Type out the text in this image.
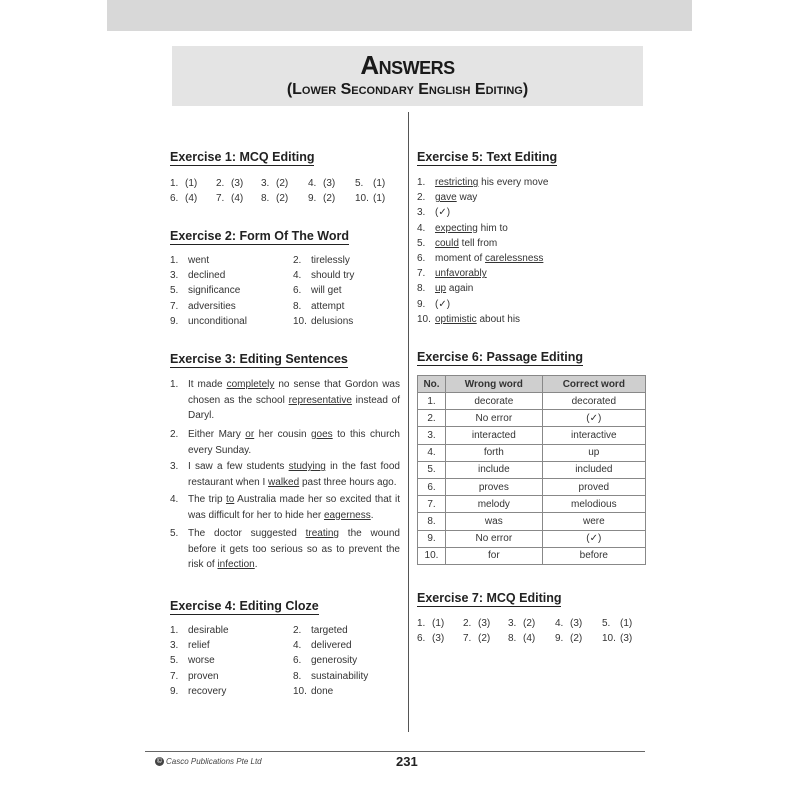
Answers
(Lower Secondary English Editing)
Exercise 1: MCQ Editing
1. (1) 2. (3) 3. (2) 4. (3) 5. (1)
6. (4) 7. (4) 8. (2) 9. (2) 10. (1)
Exercise 2: Form Of The Word
1. went	2. tirelessly
3. declined	4. should try
5. significance	6. will get
7. adversities	8. attempt
9. unconditional	10. delusions
Exercise 3: Editing Sentences
1. It made completely no sense that Gordon was chosen as the school representative instead of Daryl.
2. Either Mary or her cousin goes to this church every Sunday.
3. I saw a few students studying in the fast food restaurant when I walked past three hours ago.
4. The trip to Australia made her so excited that it was difficult for her to hide her eagerness.
5. The doctor suggested treating the wound before it gets too serious so as to prevent the risk of infection.
Exercise 4: Editing Cloze
1. desirable	2. targeted
3. relief	4. delivered
5. worse	6. generosity
7. proven	8. sustainability
9. recovery	10. done
Exercise 5: Text Editing
1. restricting his every move
2. gave way
3. (✓)
4. expecting him to
5. could tell from
6. moment of carelessness
7. unfavorably
8. up again
9. (✓)
10. optimistic about his
Exercise 6: Passage Editing
No.	Wrong word	Correct word
1.	decorate	decorated
2.	No error	(✓)
3.	interacted	interactive
4.	forth	up
5.	include	included
6.	proves	proved
7.	melody	melodious
8.	was	were
9.	No error	(✓)
10.	for	before
Exercise 7: MCQ Editing
1. (1) 2. (3) 3. (2) 4. (3) 5. (1)
6. (3) 7. (2) 8. (4) 9. (2) 10. (3)
© Casco Publications Pte Ltd	231
